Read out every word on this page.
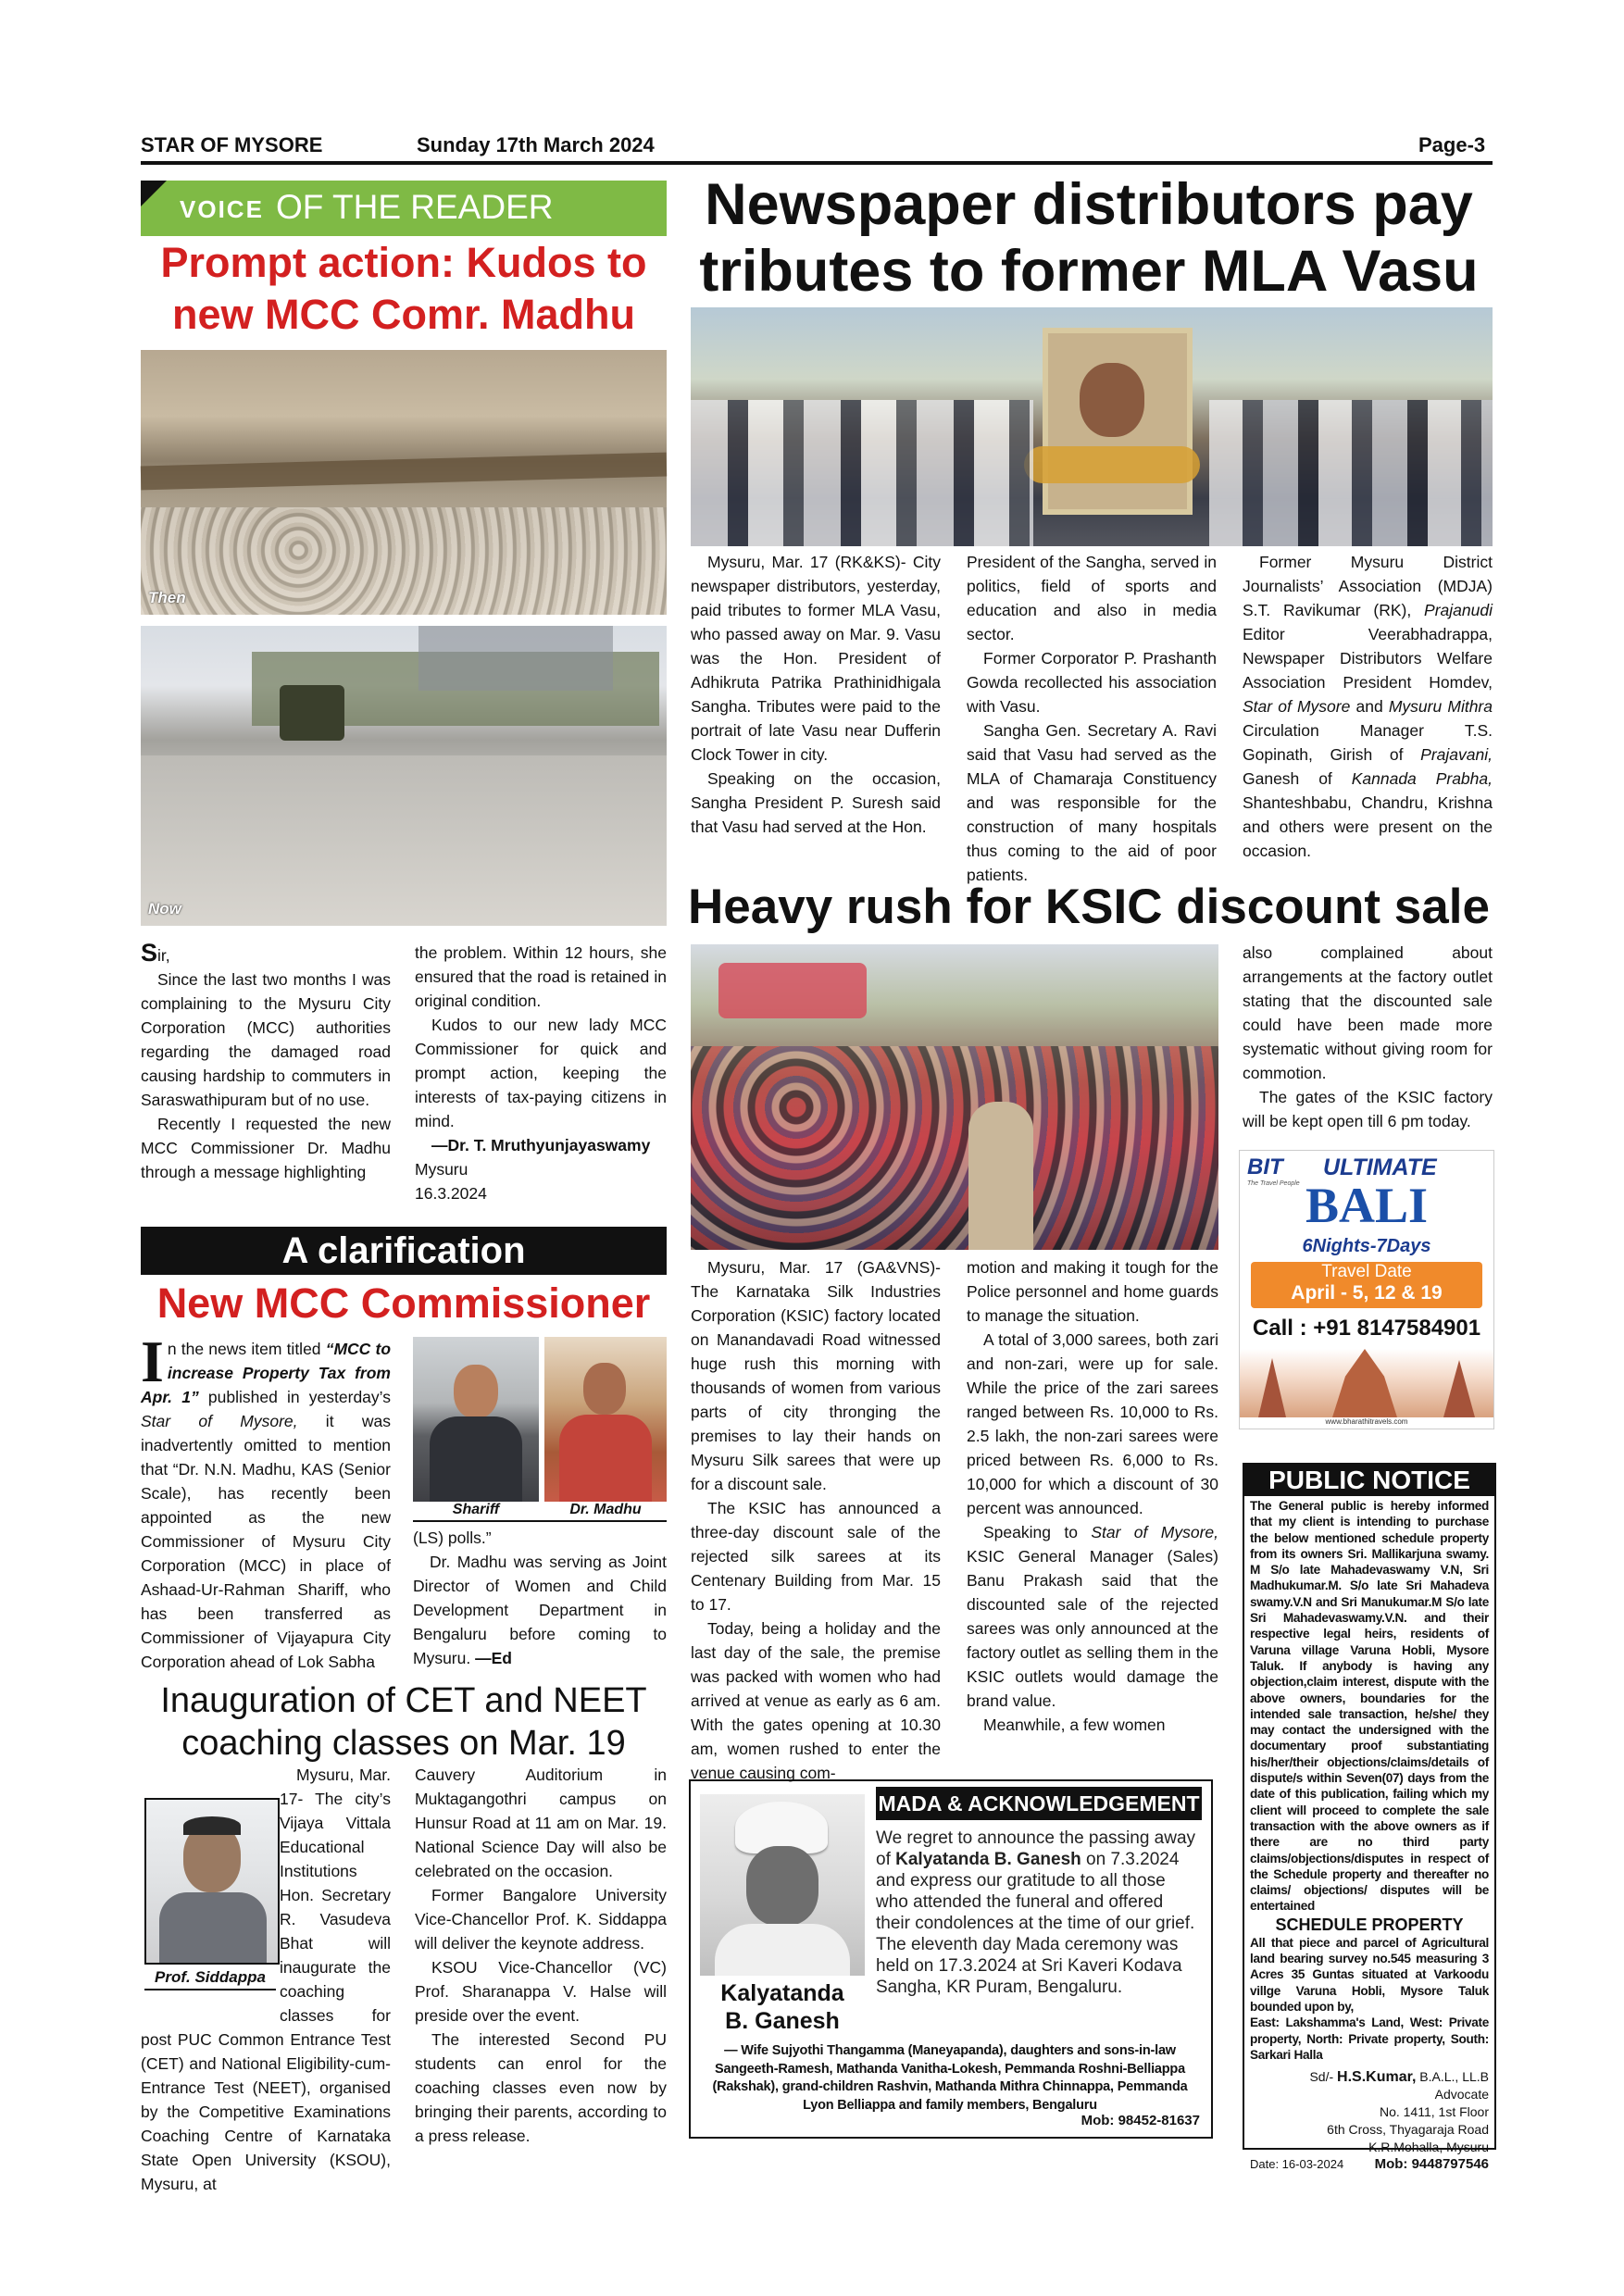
STAR OF MYSORE	Sunday 17th March 2024	Page-3
VOICE OF THE READER
Prompt action: Kudos to
new MCC Comr. Madhu
Then
Now

Sir,

Since the last two months I was complaining to the Mysuru City Corporation (MCC) authorities regarding the damaged road causing hardship to commuters in Saraswathipuram but of no use.

Recently I requested the new MCC Commissioner Dr. Madhu through a message highlighting

the problem. Within 12 hours, she ensured that the road is retained in original condition.

Kudos to our new lady MCC Commissioner for quick and prompt action, keeping the interests of tax-paying citizens in mind.

—Dr. T. Mruthyunjayaswamy

Mysuru

16.3.2024

A clarification
New MCC Commissioner

In the news item titled “MCC to increase Property Tax from Apr. 1” published in yesterday’s Star of Mysore, it was inadvertently omitted to mention that “Dr. N.N. Madhu, KAS (Senior Scale), has recently been appointed as the new Commissioner of Mysuru City Corporation (MCC) in place of Ashaad-Ur-Rahman Shariff, who has been transferred as Commissioner of Vijayapura City Corporation ahead of Lok Sabha

Shariff	Dr. Madhu

(LS) polls.”

Dr. Madhu was serving as Joint Director of Women and Child Development Department in Bengaluru before coming to Mysuru. —Ed

Inauguration of CET and NEET
coaching classes on Mar. 19
Prof. Siddappa

Mysuru, Mar. 17- The city’s Vijaya Vittala Educational Institutions Hon. Secretary R. Vasudeva Bhat will inaugurate the coaching classes for post PUC Common Entrance Test (CET) and National Eligibility-cum-Entrance Test (NEET), organised by the Competitive Examinations Coaching Centre of Karnataka State Open University (KSOU), Mysuru, at

Cauvery Auditorium in Muktagangothri campus on Hunsur Road at 11 am on Mar. 19. National Science Day will also be celebrated on the occasion.

Former Bangalore University Vice-Chancellor Prof. K. Siddappa will deliver the keynote address.

KSOU Vice-Chancellor (VC) Prof. Sharanappa V. Halse will preside over the event.

The interested Second PU students can enrol for the coaching classes even now by bringing their parents, according to a press release.

Newspaper distributors pay
tributes to former MLA Vasu

Mysuru, Mar. 17 (RK&KS)- City newspaper distributors, yesterday, paid tributes to former MLA Vasu, who passed away on Mar. 9. Vasu was the Hon. President of Adhikruta Patrika Prathinidhigala Sangha. Tributes were paid to the portrait of late Vasu near Dufferin Clock Tower in city.

Speaking on the occasion, Sangha President P. Suresh said that Vasu had served at the Hon.

President of the Sangha, served in politics, field of sports and education and also in media sector.

Former Corporator P. Prashanth Gowda recollected his association with Vasu.

Sangha Gen. Secretary A. Ravi said that Vasu had served as the MLA of Chamaraja Constituency and was responsible for the construction of many hospitals thus coming to the aid of poor patients.

Former Mysuru District Journalists’ Association (MDJA) S.T. Ravikumar (RK), Prajanudi Editor Veerabhadrappa, Newspaper Distributors Welfare Association President Homdev, Star of Mysore and Mysuru Mithra Circulation Manager T.S. Gopinath, Girish of Prajavani, Ganesh of Kannada Prabha, Shanteshbabu, Chandru, Krishna and others were present on the occasion.

Heavy rush for KSIC discount sale

also complained about arrangements at the factory outlet stating that the discounted sale could have been made more systematic without giving room for commotion.

The gates of the KSIC factory will be kept open till 6 pm today.

Mysuru, Mar. 17 (GA&VNS)- The Karnataka Silk Industries Corporation (KSIC) factory located on Manandavadi Road witnessed huge rush this morning with thousands of women from various parts of city thronging the premises to lay their hands on Mysuru Silk sarees that were up for a discount sale.

The KSIC has announced a three-day discount sale of the rejected silk sarees at its Centenary Building from Mar. 15 to 17.

Today, being a holiday and the last day of the sale, the premise was packed with women who had arrived at venue as early as 6 am. With the gates opening at 10.30 am, women rushed to enter the venue causing com-

motion and making it tough for the Police personnel and home guards to manage the situation.

A total of 3,000 sarees, both zari and non-zari, were up for sale. While the price of the zari sarees ranged between Rs. 10,000 to Rs. 2.5 lakh, the non-zari sarees were priced between Rs. 6,000 to Rs. 10,000 for which a discount of 30 percent was announced.

Speaking to Star of Mysore, KSIC General Manager (Sales) Banu Prakash said that the discounted sale of the rejected sarees was only announced at the factory outlet as selling them in the KSIC outlets would damage the brand value.

Meanwhile, a few women

BIT
The Travel People
ULTIMATE
BALI
6Nights-7Days
Travel Date
April - 5, 12 & 19
Call : +91 8147584901
www.bharathitravels.com
PUBLIC NOTICE
The General public is hereby informed that my client is intending to purchase the below mentioned schedule property from its owners Sri. Mallikarjuna swamy. M S/o late Mahadevaswamy V.N, Sri Madhukumar.M. S/o late Sri Mahadeva swamy.V.N and Sri Manukumar.M S/o late Sri Mahadevaswamy.V.N. and their respective legal heirs, residents of Varuna village Varuna Hobli, Mysore Taluk. If anybody is having any objection,claim interest, dispute with the above owners, boundaries for the intended sale transaction, he/she/ they may contact the undersigned with the documentary proof substantiating his/her/their objections/claims/details of dispute/s within Seven(07) days from the date of this publication, failing which my client will proceed to complete the sale transaction with the above owners as if there are no third party claims/objections/disputes in respect of the Schedule property and thereafter no claims/ objections/ disputes will be entertained
SCHEDULE PROPERTY
All that piece and parcel of Agricultural land bearing survey no.545 measuring 3 Acres 35 Guntas situated at Varkoodu villge Varuna Hobli, Mysore Taluk bounded upon by,
East: Lakshamma's Land, West: Private property, North: Private property, South: Sarkari Halla
Sd/- H.S.Kumar, B.A.L., LL.B
Advocate
No. 1411, 1st Floor
6th Cross, Thyagaraja Road
K.R.Mohalla, Mysuru
Date: 16-03-2024 Mob: 9448797546
MADA & ACKNOWLEDGEMENT
Kalyatanda
B. Ganesh
We regret to announce the passing away of Kalyatanda B. Ganesh on 7.3.2024 and express our gratitude to all those who attended the funeral and offered their condolences at the time of our grief.
The eleventh day Mada ceremony was held on 17.3.2024 at Sri Kaveri Kodava Sangha, KR Puram, Bengaluru.
— Wife Sujyothi Thangamma (Maneyapanda), daughters and sons-in-law Sangeeth-Ramesh, Mathanda Vanitha-Lokesh, Pemmanda Roshni-Belliappa (Rakshak), grand-children Rashvin, Mathanda Mithra Chinnappa, Pemmanda Lyon Belliappa and family members, Bengaluru
Mob: 98452-81637
